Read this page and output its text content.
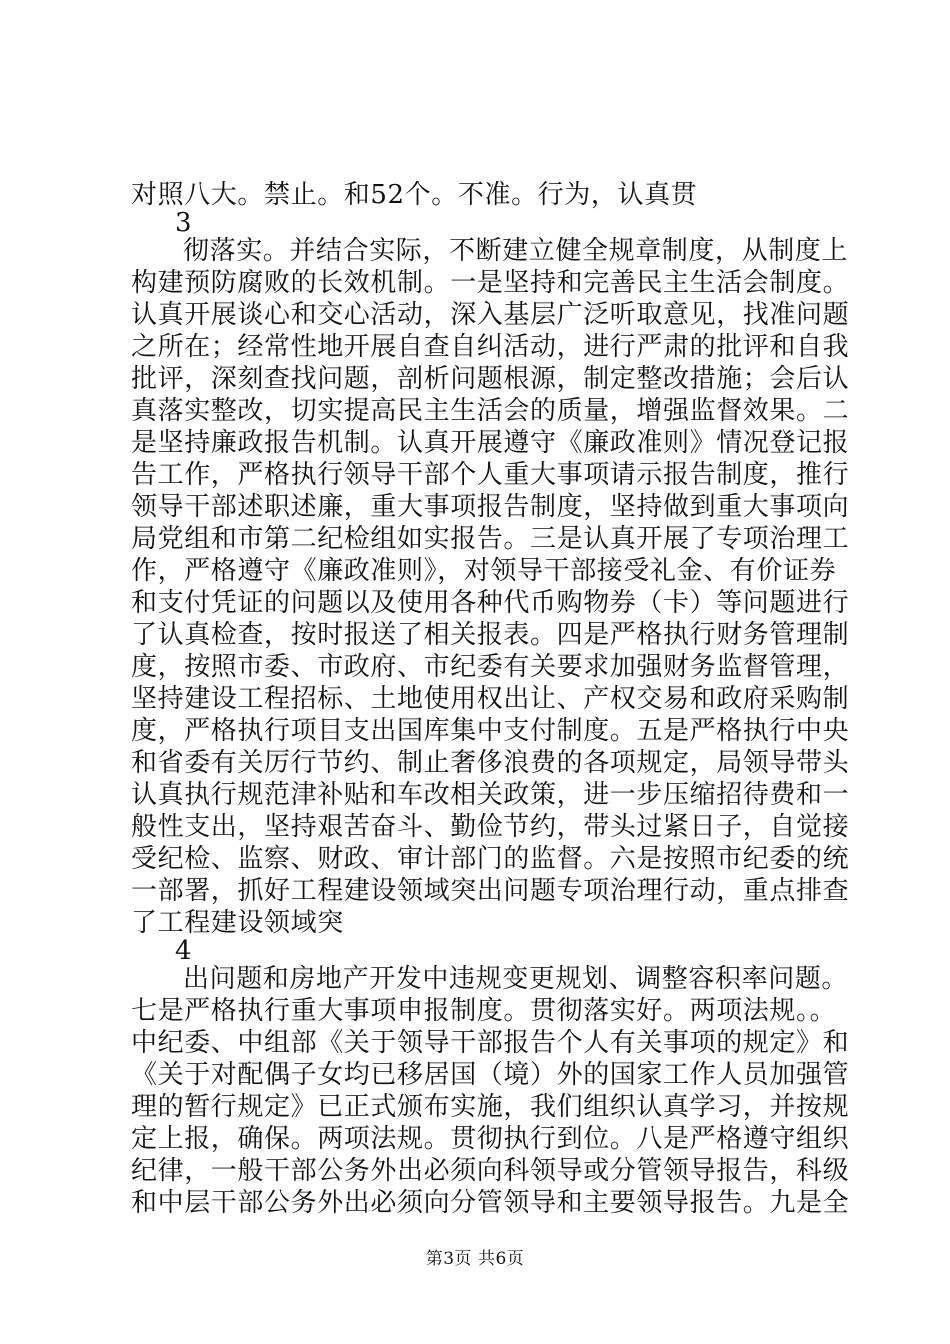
对照八大。禁止。和52个。不准。行为，认真贯
3
彻落实。并结合实际，不断建立健全规章制度，从制度上
构建预防腐败的长效机制。一是坚持和完善民主生活会制度。
认真开展谈心和交心活动，深入基层广泛听取意见，找准问题
之所在；经常性地开展自查自纠活动，进行严肃的批评和自我
批评，深刻查找问题，剖析问题根源，制定整改措施；会后认
真落实整改，切实提高民主生活会的质量，增强监督效果。二
是坚持廉政报告机制。认真开展遵守《廉政准则》情况登记报
告工作，严格执行领导干部个人重大事项请示报告制度，推行
领导干部述职述廉，重大事项报告制度，坚持做到重大事项向
局党组和市第二纪检组如实报告。三是认真开展了专项治理工
作，严格遵守《廉政准则》，对领导干部接受礼金、有价证券
和支付凭证的问题以及使用各种代币购物券（卡）等问题进行
了认真检查，按时报送了相关报表。四是严格执行财务管理制
度，按照市委、市政府、市纪委有关要求加强财务监督管理，
坚持建设工程招标、土地使用权出让、产权交易和政府采购制
度，严格执行项目支出国库集中支付制度。五是严格执行中央
和省委有关厉行节约、制止奢侈浪费的各项规定，局领导带头
认真执行规范津补贴和车改相关政策，进一步压缩招待费和一
般性支出，坚持艰苦奋斗、勤俭节约，带头过紧日子，自觉接
受纪检、监察、财政、审计部门的监督。六是按照市纪委的统
一部署，抓好工程建设领域突出问题专项治理行动，重点排查
了工程建设领域突
4
出问题和房地产开发中违规变更规划、调整容积率问题。
七是严格执行重大事项申报制度。贯彻落实好。两项法规。。
中纪委、中组部《关于领导干部报告个人有关事项的规定》和
《关于对配偶子女均已移居国（境）外的国家工作人员加强管
理的暂行规定》已正式颁布实施，我们组织认真学习，并按规
定上报，确保。两项法规。贯彻执行到位。八是严格遵守组织
纪律，一般干部公务外出必须向科领导或分管领导报告，科级
和中层干部公务外出必须向分管领导和主要领导报告。九是全
第3页 共6页
